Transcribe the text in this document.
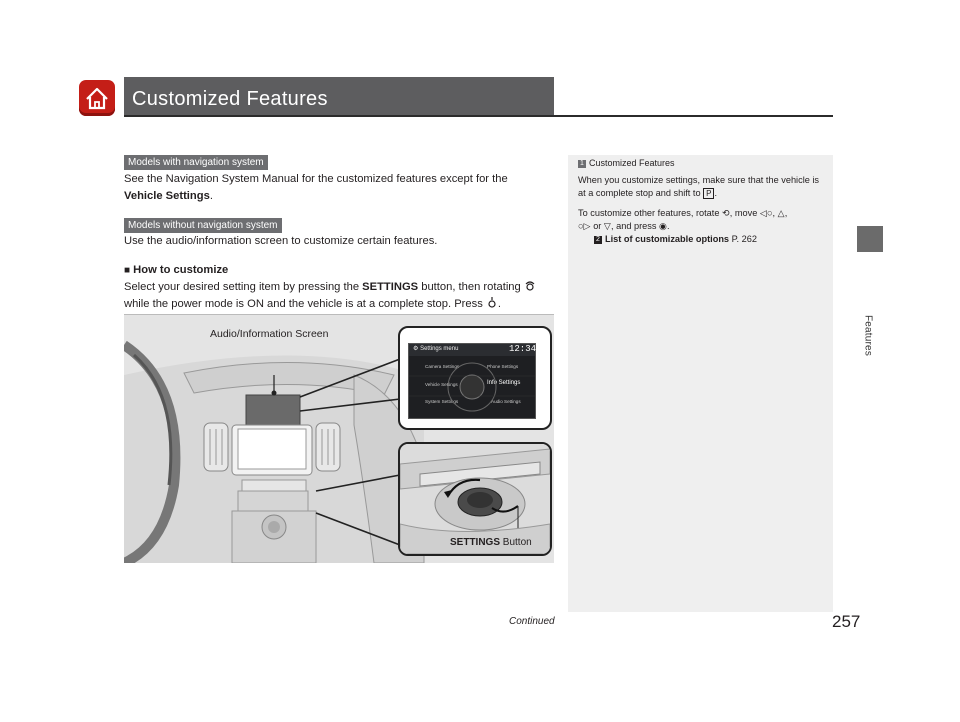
Customized Features
Features
Models with navigation system
See the Navigation System Manual for the customized features except for the
Vehicle Settings.
Models without navigation system
Use the audio/information screen to customize certain features.
■ How to customize
Select your desired setting item by pressing the SETTINGS button, then rotating
while the power mode is ON and the vehicle is at a complete stop. Press .
1 Customized Features
When you customize settings, make sure that the vehicle is at a complete stop and shift to P .
To customize other features, rotate ⟲, move ◁○, △,
○▷ or ▽, and press ◉.
2 List of customizable options P. 262
Audio/Information Screen
⚙ Settings menu	12:34
Camera Settings	Phone Settings
Vehicle Settings	Info Settings
System Settings	Audio Settings
SETTINGS Button
Continued	257
